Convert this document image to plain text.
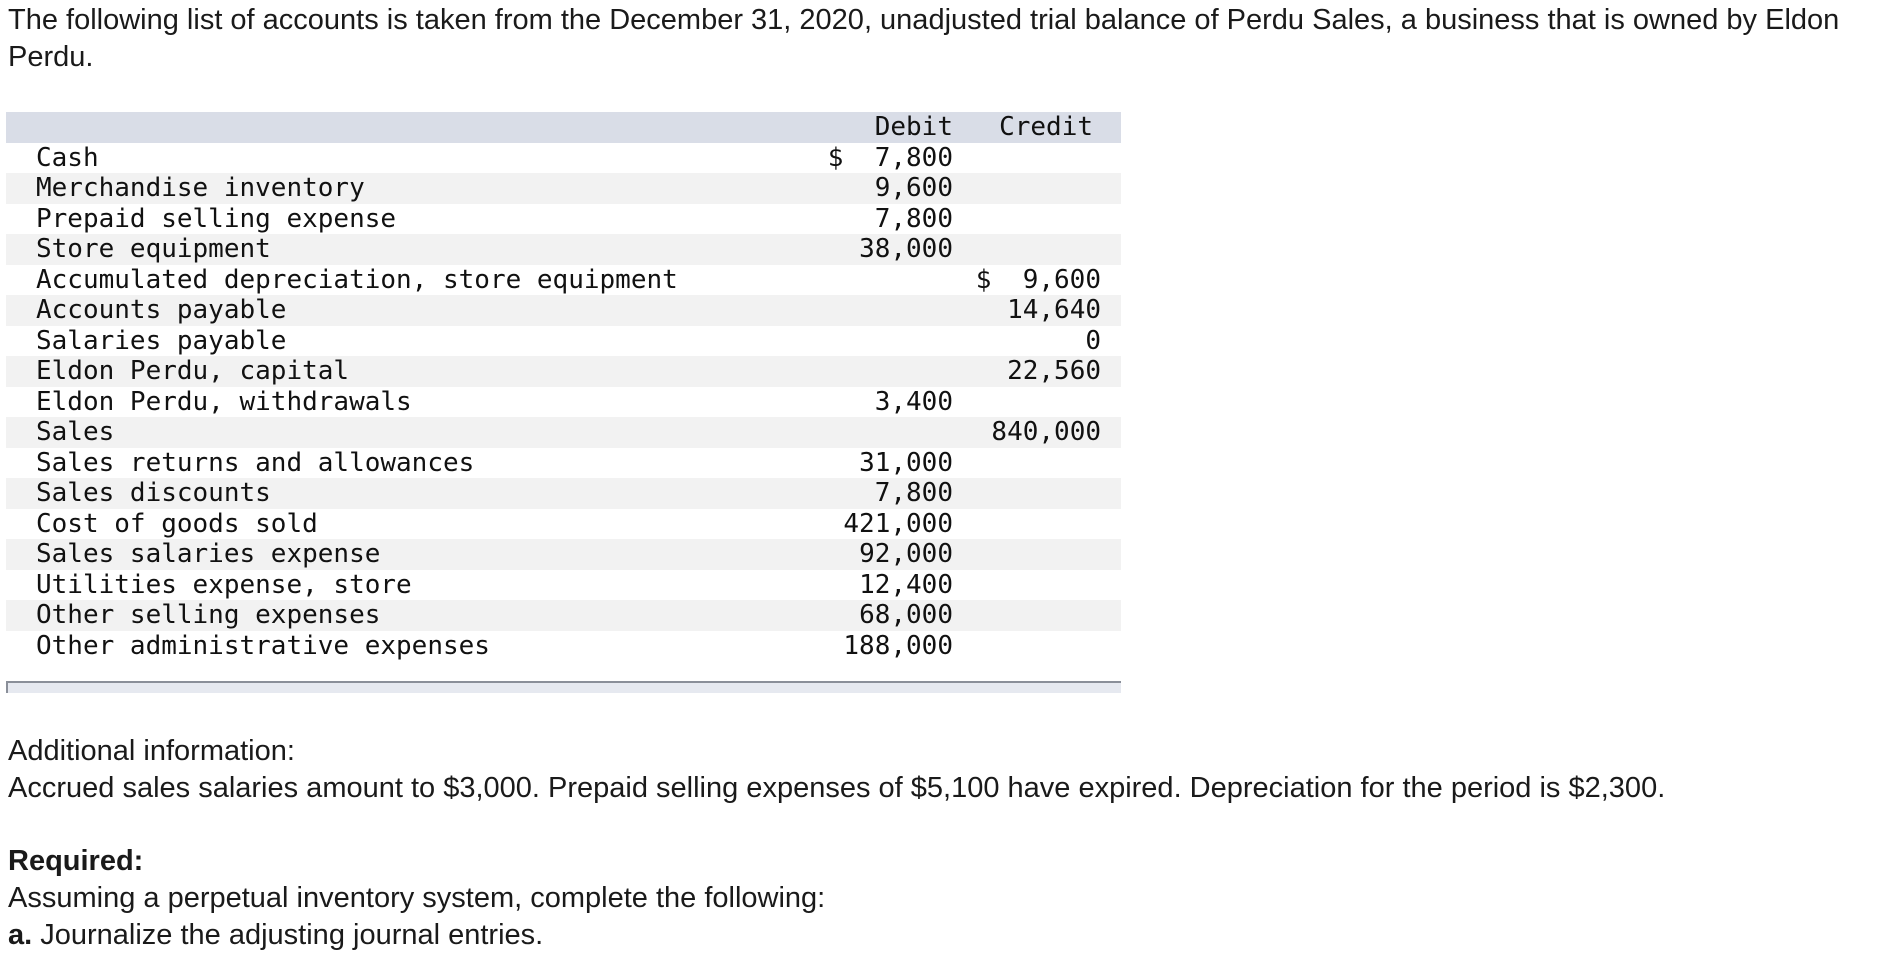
The following list of accounts is taken from the December 31, 2020, unadjusted trial balance of Perdu Sales, a business that is owned by Eldon Perdu.

	Debit	Credit
Cash	$  7,800	
Merchandise inventory	9,600	
Prepaid selling expense	7,800	
Store equipment	38,000	
Accumulated depreciation, store equipment		$  9,600
Accounts payable		14,640
Salaries payable		0
Eldon Perdu, capital		22,560
Eldon Perdu, withdrawals	3,400	
Sales		840,000
Sales returns and allowances	31,000	
Sales discounts	7,800	
Cost of goods sold	421,000	
Sales salaries expense	92,000	
Utilities expense, store	12,400	
Other selling expenses	68,000	
Other administrative expenses	188,000	

Additional information:

Accrued sales salaries amount to $3,000. Prepaid selling expenses of $5,100 have expired. Depreciation for the period is $2,300.

Required:

Assuming a perpetual inventory system, complete the following:

a. Journalize the adjusting journal entries.
